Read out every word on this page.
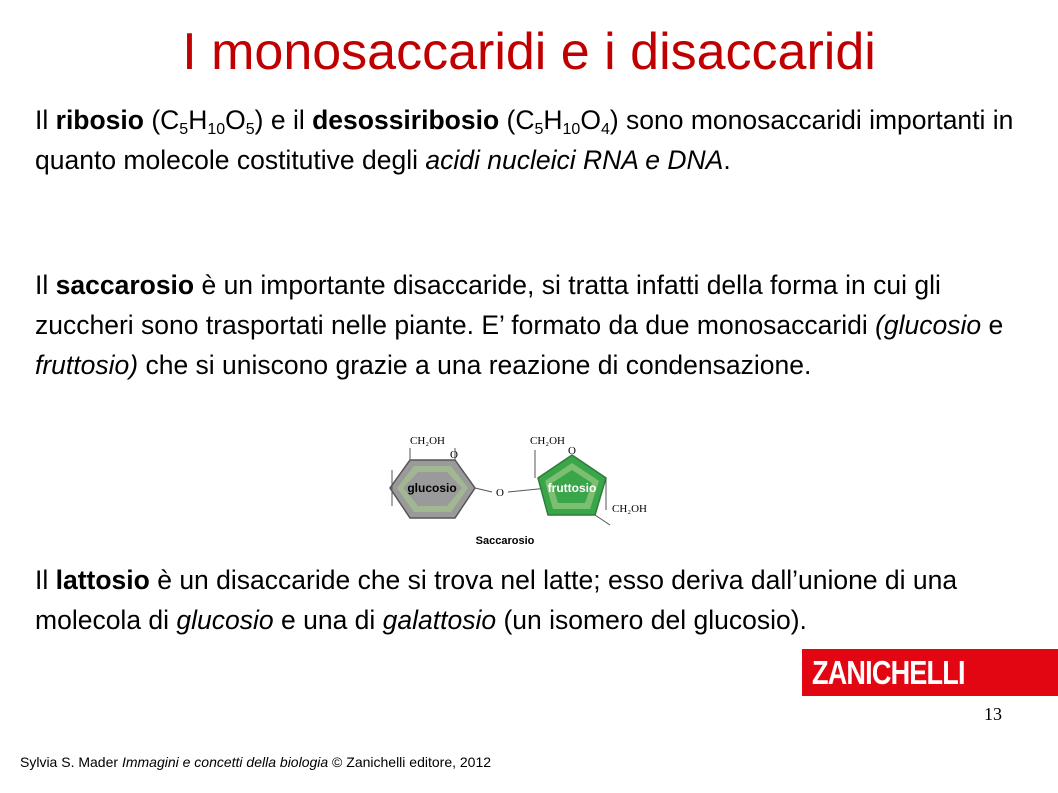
I monosaccaridi e i disaccaridi

Il ribosio $(C_5H_{10}O_5)$ e il desossiribosio $(C_5H_{10}O_4)$ sono monosaccaridi importanti in quanto molecole costitutive degli acidi nucleici RNA e DNA.

Il saccarosio è un importante disaccaride, si tratta infatti della forma in cui gli zuccheri sono trasportati nelle piante. E’ formato da due monosaccaridi (glucosio e fruttosio) che si uniscono grazie a una reazione di condensazione.

glucosio
CH₂OH
O
O	fruttosio
CH₂OH
O
CH₂OH
Saccarosio

Il lattosio è un disaccaride che si trova nel latte; esso deriva dall’unione di una molecola di glucosio e una di galattosio (un isomero del glucosio).

ZANICHELLI
13
Sylvia S. Mader Immagini e concetti della biologia © Zanichelli editore, 2012
